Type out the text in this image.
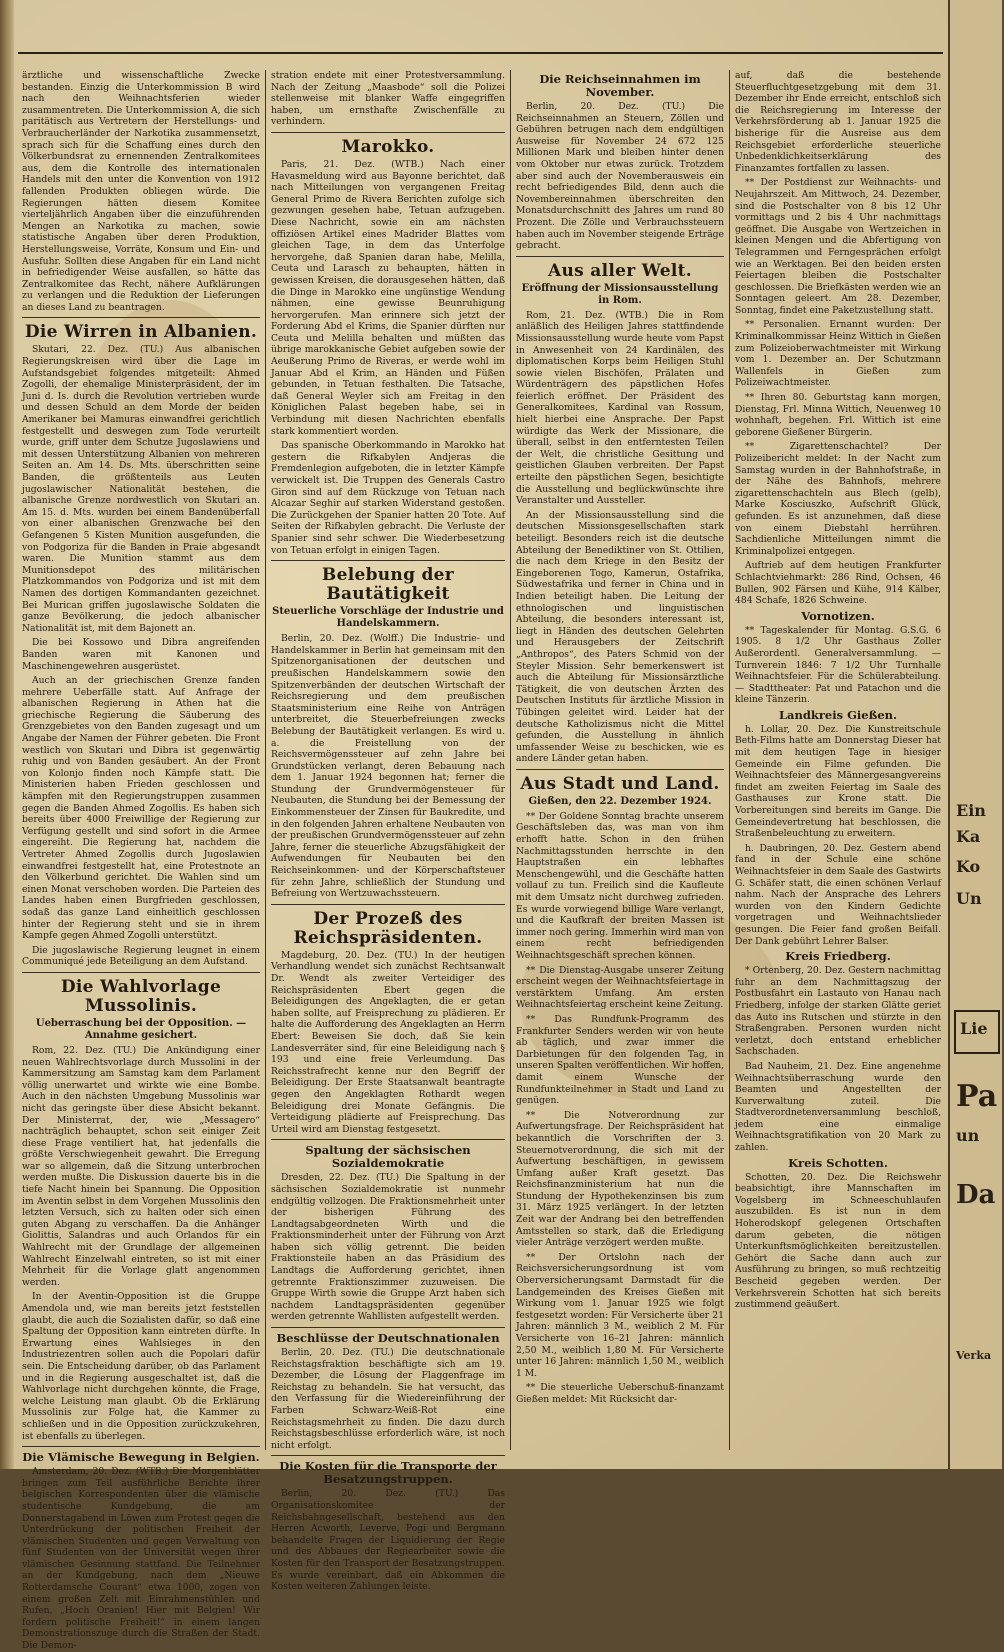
ärztliche und wissenschaftliche Zwecke bestanden. Einzig die Unterkommission B wird nach den Weihnachtsferien wieder zusammentreten. Die Unterkommission A, die sich paritätisch aus Vertretern der Herstellungs- und Verbraucherländer der Narkotika zusammensetzt, sprach sich für die Schaffung eines durch den Völkerbundsrat zu ernennenden Zentralkomitees aus, dem die Kontrolle des internationalen Handels mit den unter die Konvention von 1912 fallenden Produkten obliegen würde. Die Regierungen hätten diesem Komitee vierteljährlich Angaben über die einzuführenden Mengen an Narkotika zu machen, sowie statistische Angaben über deren Produktion, Herstellungsweise, Vorräte, Konsum und Ein- und Ausfuhr. Sollten diese Angaben für ein Land nicht in befriedigender Weise ausfallen, so hätte das Zentralkomitee das Recht, nähere Aufklärungen zu verlangen und die Reduktion der Lieferungen an dieses Land zu beantragen.

Die Wirren in Albanien.

Skutari, 22. Dez. (TU.) Aus albanischen Regierungskreisen wird über die Lage im Aufstandsgebiet folgendes mitgeteilt: Ahmed Zogolli, der ehemalige Ministerpräsident, der im Juni d. Is. durch die Revolution vertrieben wurde und dessen Schuld an dem Morde der beiden Amerikaner bei Mamuras einwandfrei gerichtlich festgestellt und deswegen zum Tode verurteilt wurde, griff unter dem Schutze Jugoslawiens und mit dessen Unterstützung Albanien von mehreren Seiten an. Am 14. Ds. Mts. überschritten seine Banden, die größtenteils aus Leuten jugoslawischer Nationalität bestehen, die albanische Grenze nordwestlich von Skutari an. Am 15. d. Mts. wurden bei einem Bandenüberfall von einer albanischen Grenzwache bei den Gefangenen 5 Kisten Munition ausgefunden, die von Podgoriza für die Banden in Praie abgesandt waren. Die Munition stammt aus dem Munitionsdepot des militärischen Platzkommandos von Podgoriza und ist mit dem Namen des dortigen Kommandanten gezeichnet. Bei Murican griffen jugoslawische Soldaten die ganze Bevölkerung, die jedoch albanischer Nationalität ist, mit dem Bajonett an.

Die bei Kossowo und Dibra angreifenden Banden waren mit Kanonen und Maschinengewehren ausgerüstet.

Auch an der griechischen Grenze fanden mehrere Ueberfälle statt. Auf Anfrage der albanischen Regierung in Athen hat die griechische Regierung die Säuberung des Grenzgebietes von den Banden zugesagt und um Angabe der Namen der Führer gebeten. Die Front westlich von Skutari und Dibra ist gegenwärtig ruhig und von Banden gesäubert. An der Front von Kolonjo finden noch Kämpfe statt. Die Ministerien haben Frieden geschlossen und kämpfen mit den Regierungstruppen zusammen gegen die Banden Ahmed Zogollis. Es haben sich bereits über 4000 Freiwillige der Regierung zur Verfügung gestellt und sind sofort in die Armee eingereiht. Die Regierung hat, nachdem die Vertreter Ahmed Zogollis durch Jugoslawien einwandfrei festgestellt hat, eine Protestnote an den Völkerbund gerichtet. Die Wahlen sind um einen Monat verschoben worden. Die Parteien des Landes haben einen Burgfrieden geschlossen, sodaß das ganze Land einheitlich geschlossen hinter der Regierung steht und sie in ihrem Kampfe gegen Ahmed Zogolli unterstützt.

Die jugoslawische Regierung leugnet in einem Communiqué jede Beteiligung an dem Aufstand.

Die Wahlvorlage Mussolinis.
Ueberraschung bei der Opposition. — Annahme gesichert.

Rom, 22. Dez. (TU.) Die Ankündigung einer neuen Wahlrechtsvorlage durch Mussolini in der Kammersitzung am Samstag kam dem Parlament völlig unerwartet und wirkte wie eine Bombe. Auch in den nächsten Umgebung Mussolinis war nicht das geringste über diese Absicht bekannt. Der Ministerrat, der, wie „Messagero“ nachträglich behauptet, schon seit einiger Zeit diese Frage ventiliert hat, hat jedenfalls die größte Verschwiegenheit gewahrt. Die Erregung war so allgemein, daß die Sitzung unterbrochen werden mußte. Die Diskussion dauerte bis in die tiefe Nacht hinein bei Spannung. Die Opposition im Aventin selbst in dem Vorgehen Mussolinis den letzten Versuch, sich zu halten oder sich einen guten Abgang zu verschaffen. Da die Anhänger Giolittis, Salandras und auch Orlandos für ein Wahlrecht mit der Grundlage der allgemeinen Wahlrecht Einzelwahl eintreten, so ist mit einer Mehrheit für die Vorlage glatt angenommen werden.

In der Aventin-Opposition ist die Gruppe Amendola und, wie man bereits jetzt feststellen glaubt, die auch die Sozialisten dafür, so daß eine Spaltung der Opposition kann eintreten dürfte. In Erwartung eines Wahlsieges in den Industriezentren sollen auch die Popolari dafür sein. Die Entscheidung darüber, ob das Parlament und in die Regierung ausgeschaltet ist, daß die Wahlvorlage nicht durchgehen könnte, die Frage, welche Leistung man glaubt. Ob die Erklärung Mussolinis zur Folge hat, die Kammer zu schließen und in die Opposition zurückzukehren, ist ebenfalls zu überlegen.

Die Vlämische Bewegung in Belgien.

Amsterdam, 20. Dez. (WTB.) Die Morgenblätter bringen zum Teil ausführliche Berichte ihrer belgischen Korrespondenten über die vlämische studentische Kundgebung, die am Donnerstagabend in Löwen zum Protest gegen die Unterdrückung der politischen Freiheit der vlämischen Studenten und gegen Verwaltung von fünf Studenten von der Universität wegen ihrer vlämischen Gesinnung stattfand. Die Teilnehmer an der Kundgebung, nach dem „Nieuwe Rotterdamsche Courant“ etwa 1000, zogen von einem großen Zelt mit Einrahmenstühlen und Rufen, „Hoch Oranien! Hier mit Belgien! Wir fordern politische Freiheit!“ in einem langen Demonstrationszuge durch die Straßen der Stadt. Die Demon-

stration endete mit einer Protestversammlung. Nach der Zeitung „Maasbode“ soll die Polizei stellenweise mit blanker Waffe eingegriffen haben, um ernsthafte Zwischenfälle zu verhindern.

Marokko.

Paris, 21. Dez. (WTB.) Nach einer Havasmeldung wird aus Bayonne berichtet, daß nach Mitteilungen von vergangenen Freitag General Primo de Rivera Berichten zufolge sich gezwungen gesehen habe, Tetuan aufzugeben. Diese Nachricht, sowie ein am nächsten offiziösen Artikel eines Madrider Blattes vom gleichen Tage, in dem das Unterfolge hervorgehe, daß Spanien daran habe, Melilla, Ceuta und Larasch zu behaupten, hätten in gewissen Kreisen, die dorausgesehen hätten, daß die Dinge in Marokko eine ungünstige Wendung nähmen, eine gewisse Beunruhigung hervorgerufen. Man erinnere sich jetzt der Forderung Abd el Krims, die Spanier dürften nur Ceuta und Melilla behalten und müßten das übrige marokkanische Gebiet aufgeben sowie der Aeußerung Primo de Riveras, er werde wohl im Januar Abd el Krim, an Händen und Füßen gebunden, in Tetuan festhalten. Die Tatsache, daß General Weyler sich am Freitag in den Königlichen Palast begeben habe, sei in Verbindung mit diesen Nachrichten ebenfalls stark kommentiert worden.

Das spanische Oberkommando in Marokko hat gestern die Rifkabylen Andjeras die Fremdenlegion aufgeboten, die in letzter Kämpfe verwickelt ist. Die Truppen des Generals Castro Giron sind auf dem Rückzuge von Tetuan nach Alcazar Seghir auf starken Widerstand gestoßen. Die Zurückgehen der Spanier hatten 20 Tote. Auf Seiten der Rifkabylen gebracht. Die Verluste der Spanier sind sehr schwer. Die Wiederbesetzung von Tetuan erfolgt in einigen Tagen.

Belebung der Bautätigkeit
Steuerliche Vorschläge der Industrie und Handelskammern.

Berlin, 20. Dez. (Wolff.) Die Industrie- und Handelskammer in Berlin hat gemeinsam mit den Spitzenorganisationen der deutschen und preußischen Handelskammern sowie den Spitzenverbänden der deutschen Wirtschaft der Reichsregierung und dem preußischen Staatsministerium eine Reihe von Anträgen unterbreitet, die Steuerbefreiungen zwecks Belebung der Bautätigkeit verlangen. Es wird u. a. die Freistellung von der Reichsvermögenssteuer auf zehn Jahre bei Grundstücken verlangt, deren Bebauung nach dem 1. Januar 1924 begonnen hat; ferner die Stundung der Grundvermögensteuer für Neubauten, die Stundung bei der Bemessung der Einkommensteuer der Zinsen für Baukredite, und in den folgenden Jahren erhaltene Neubauten von der preußischen Grundvermögenssteuer auf zehn Jahre, ferner die steuerliche Abzugsfähigkeit der Aufwendungen für Neubauten bei den Reichseinkommen- und der Körperschaftsteuer für zehn Jahre, schließlich der Stundung und Befreiung von Wertzuwachssteuern.

Der Prozeß des Reichspräsidenten.

Magdeburg, 20. Dez. (TU.) In der heutigen Verhandlung wendet sich zunächst Rechtsanwalt Dr. Wendt als zweiter Verteidiger des Reichspräsidenten Ebert gegen die Beleidigungen des Angeklagten, die er getan haben sollte, auf Freisprechung zu plädieren. Er halte die Aufforderung des Angeklagten an Herrn Ebert: Beweisen Sie doch, daß Sie kein Landesverräter sind, für eine Beleidigung nach § 193 und eine freie Verleumdung. Das Reichsstrafrecht kenne nur den Begriff der Beleidigung. Der Erste Staatsanwalt beantragte gegen den Angeklagten Rothardt wegen Beleidigung drei Monate Gefängnis. Die Verteidigung plädierte auf Freisprechung. Das Urteil wird am Dienstag festgesetzt.

Spaltung der sächsischen Sozialdemokratie

Dresden, 22. Dez. (TU.) Die Spaltung in der sächsischen Sozialdemokratie ist nunmehr endgültig vollzogen. Die Fraktionsmehrheit unter der bisherigen Führung des Landtagsabgeordneten Wirth und die Fraktionsminderheit unter der Führung von Arzt haben sich völlig getrennt. Die beiden Fraktionsteile haben an das Präsidium des Landtags die Aufforderung gerichtet, ihnen getrennte Fraktionszimmer zuzuweisen. Die Gruppe Wirth sowie die Gruppe Arzt haben sich nachdem Landtagspräsidenten gegenüber werden getrennte Wahllisten aufgestellt werden.

Beschlüsse der Deutschnationalen

Berlin, 20. Dez. (TU.) Die deutschnationale Reichstagsfraktion beschäftigte sich am 19. Dezember, die Lösung der Flaggenfrage im Reichstag zu behandeln. Sie hat versucht, das den Verfassung für die Wiedereinführung der Farben Schwarz-Weiß-Rot eine Reichstagsmehrheit zu finden. Die dazu durch Reichstagsbeschlüsse erforderlich wäre, ist noch nicht erfolgt.

Die Kosten für die Transporte der Besatzungstruppen.

Berlin, 20. Dez. (TU.) Das Organisationskomitee der Reichsbahngesellschaft, bestehend aus den Herren Acworth, Leverve, Pogi und Bergmann behandelte Fragen der Liquidierung der Regie und des Abbaues der Regiearbeiter sowie die Kosten für den Transport der Besatzungstruppen. Es wurde vereinbart, daß ein Abkommen die Kosten weiteren Zahlungen leiste.

Die Reichseinnahmen im November.

Berlin, 20. Dez. (TU.) Die Reichseinnahmen an Steuern, Zöllen und Gebühren betrugen nach dem endgültigen Ausweise für November 24 672 125 Millionen Mark und bleiben hinter denen vom Oktober nur etwas zurück. Trotzdem aber sind auch der Novemberausweis ein recht befriedigendes Bild, denn auch die Novembereinnahmen überschreiten den Monatsdurchschnitt des Jahres um rund 80 Prozent. Die Zölle und Verbrauchssteuern haben auch im November steigende Erträge gebracht.

Aus aller Welt.
Eröffnung der Missionsausstellung in Rom.

Rom, 21. Dez. (WTB.) Die in Rom anläßlich des Heiligen Jahres stattfindende Missionsausstellung wurde heute vom Papst in Anwesenheit von 24 Kardinälen, des diplomatischen Korps beim Heiligen Stuhl sowie vielen Bischöfen, Prälaten und Würdenträgern des päpstlichen Hofes feierlich eröffnet. Der Präsident des Generalkomitees, Kardinal van Rossum, hielt hierbei eine Ansprache. Der Papst würdigte das Werk der Missionare, die überall, selbst in den entferntesten Teilen der Welt, die christliche Gesittung und geistlichen Glauben verbreiten. Der Papst erteilte den päpstlichen Segen, besichtigte die Ausstellung und beglückwünschte ihre Veranstalter und Aussteller.

An der Missionsausstellung sind die deutschen Missionsgesellschaften stark beteiligt. Besonders reich ist die deutsche Abteilung der Benediktiner von St. Ottilien, die nach dem Kriege in den Besitz der Eingeborenen Togo, Kamerun, Ostafrika, Südwestafrika und ferner in China und in Indien beteiligt haben. Die Leitung der ethnologischen und linguistischen Abteilung, die besonders interessant ist, liegt in Händen des deutschen Gelehrten und Herausgebers der Zeitschrift „Anthropos“, des Paters Schmid von der Steyler Mission. Sehr bemerkenswert ist auch die Abteilung für Missionsärztliche Tätigkeit, die von deutschen Ärzten des Deutschen Instituts für ärztliche Mission in Tübingen geleitet wird. Leider hat der deutsche Katholizismus nicht die Mittel gefunden, die Ausstellung in ähnlich umfassender Weise zu beschicken, wie es andere Länder getan haben.

Aus Stadt und Land.
Gießen, den 22. Dezember 1924.

** Der Goldene Sonntag brachte unserem Geschäftsleben das, was man von ihm erhofft hatte. Schon in den frühen Nachmittagsstunden herrschte in den Hauptstraßen ein lebhaftes Menschengewühl, und die Geschäfte hatten vollauf zu tun. Freilich sind die Kaufleute mit dem Umsatz nicht durchweg zufrieden. Es wurde vorwiegend billige Ware verlangt, und die Kaufkraft der breiten Massen ist immer noch gering. Immerhin wird man von einem recht befriedigenden Weihnachtsgeschäft sprechen können.

** Die Dienstag-Ausgabe unserer Zeitung erscheint wegen der Weihnachtsfeiertage in verstärktem Umfang. Am ersten Weihnachtsfeiertag erscheint keine Zeitung.

** Das Rundfunk-Programm des Frankfurter Senders werden wir von heute ab täglich, und zwar immer die Darbietungen für den folgenden Tag, in unseren Spalten veröffentlichen. Wir hoffen, damit einem Wunsche der Rundfunkteilnehmer in Stadt und Land zu genügen.

** Die Notverordnung zur Aufwertungsfrage. Der Reichspräsident hat bekanntlich die Vorschriften der 3. Steuernotverordnung, die sich mit der Aufwertung beschäftigen, in gewissem Umfang außer Kraft gesetzt. Das Reichsfinanzministerium hat nun die Stundung der Hypothekenzinsen bis zum 31. März 1925 verlängert. In der letzten Zeit war der Andrang bei den betreffenden Amtsstellen so stark, daß die Erledigung vieler Anträge verzögert werden mußte.

** Der Ortslohn nach der Reichsversicherungsordnung ist vom Oberversicherungsamt Darmstadt für die Landgemeinden des Kreises Gießen mit Wirkung vom 1. Januar 1925 wie folgt festgesetzt worden: Für Versicherte über 21 Jahren: männlich 3 M., weiblich 2 M. Für Versicherte von 16–21 Jahren: männlich 2,50 M., weiblich 1,80 M. Für Versicherte unter 16 Jahren: männlich 1,50 M., weiblich 1 M.

** Die steuerliche Ueberschuß-finanzamt Gießen meldet: Mit Rücksicht dar-

auf, daß die bestehende Steuerfluchtgesetzgebung mit dem 31. Dezember ihr Ende erreicht, entschloß sich die Reichsregierung im Interesse der Verkehrsförderung ab 1. Januar 1925 die bisherige für die Ausreise aus dem Reichsgebiet erforderliche steuerliche Unbedenklichkeitserklärung des Finanzamtes fortfallen zu lassen.

** Der Postdienst zur Weihnachts- und Neujahrszeit. Am Mittwoch, 24. Dezember, sind die Postschalter von 8 bis 12 Uhr vormittags und 2 bis 4 Uhr nachmittags geöffnet. Die Ausgabe von Wertzeichen in kleinen Mengen und die Abfertigung von Telegrammen und Ferngesprächen erfolgt wie an Werktagen. Bei den beiden ersten Feiertagen bleiben die Postschalter geschlossen. Die Briefkästen werden wie an Sonntagen geleert. Am 28. Dezember, Sonntag, findet eine Paketzustellung statt.

** Personalien. Ernannt wurden: Der Kriminalkommissar Heinz Wittich in Gießen zum Polizeioberwachtmeister mit Wirkung vom 1. Dezember an. Der Schutzmann Wallenfels in Gießen zum Polizeiwachtmeister.

** Ihren 80. Geburtstag kann morgen, Dienstag, Frl. Minna Wittich, Neuenweg 10 wohnhaft, begehen. Frl. Wittich ist eine geborene Gießener Bürgerin.

** Zigarettenschachtel? Der Polizeibericht meldet: In der Nacht zum Samstag wurden in der Bahnhofstraße, in der Nähe des Bahnhofs, mehrere zigarettenschachteln aus Blech (gelb), Marke Kosciuszko, Aufschrift Glück, gefunden. Es ist anzunehmen, daß diese von einem Diebstahl herrühren. Sachdienliche Mitteilungen nimmt die Kriminalpolizei entgegen.

Auftrieb auf dem heutigen Frankfurter Schlachtviehmarkt: 286 Rind, Ochsen, 46 Bullen, 902 Färsen und Kühe, 914 Kälber, 484 Schafe, 1826 Schweine.

Vornotizen.

** Tageskalender für Montag. G.S.G. 6 1905. 8 1/2 Uhr Gasthaus Zoller Außerordentl. Generalversammlung. — Turnverein 1846: 7 1/2 Uhr Turnhalle Weihnachtsfeier. Für die Schülerabteilung. — Stadttheater: Pat und Patachon und die kleine Tänzerin.

Landkreis Gießen.

h. Lollar, 20. Dez. Die Kunstreitschule Beth-Films hatte am Donnerstag Dieser hat mit dem heutigen Tage in hiesiger Gemeinde ein Filme gefunden. Die Weihnachtsfeier des Männergesangvereins findet am zweiten Feiertag im Saale des Gasthauses zur Krone statt. Die Vorbereitungen sind bereits im Gange. Die Gemeindevertretung hat beschlossen, die Straßenbeleuchtung zu erweitern.

h. Daubringen, 20. Dez. Gestern abend fand in der Schule eine schöne Weihnachtsfeier in dem Saale des Gastwirts G. Schäfer statt, die einen schönen Verlauf nahm. Nach der Ansprache des Lehrers wurden von den Kindern Gedichte vorgetragen und Weihnachtslieder gesungen. Die Feier fand großen Beifall. Der Dank gebührt Lehrer Balser.

Kreis Friedberg.

* Ortenberg, 20. Dez. Gestern nachmittag fuhr an dem Nachmittagszug der Postbusfahrt ein Lastauto von Hanau nach Friedberg, infolge der starken Glätte geriet das Auto ins Rutschen und stürzte in den Straßengraben. Personen wurden nicht verletzt, doch entstand erheblicher Sachschaden.

Bad Nauheim, 21. Dez. Eine angenehme Weihnachtsüberraschung wurde den Beamten und Angestellten der Kurverwaltung zuteil. Die Stadtverordnetenversammlung beschloß, jedem eine einmalige Weihnachtsgratifikation von 20 Mark zu zahlen.

Kreis Schotten.

Schotten, 20. Dez. Die Reichswehr beabsichtigt, ihre Mannschaften im Vogelsberg im Schneeschuhlaufen auszubilden. Es ist nun in dem Hoherodskopf gelegenen Ortschaften darum gebeten, die nötigen Unterkunftsmöglichkeiten bereitzustellen. Gehört die Sache dann auch zur Ausführung zu bringen, so muß rechtzeitig Bescheid gegeben werden. Der Verkehrsverein Schotten hat sich bereits zustimmend geäußert.

Ein
Ka
Ko
Un
Lie
Pa
un
Da
Verka
